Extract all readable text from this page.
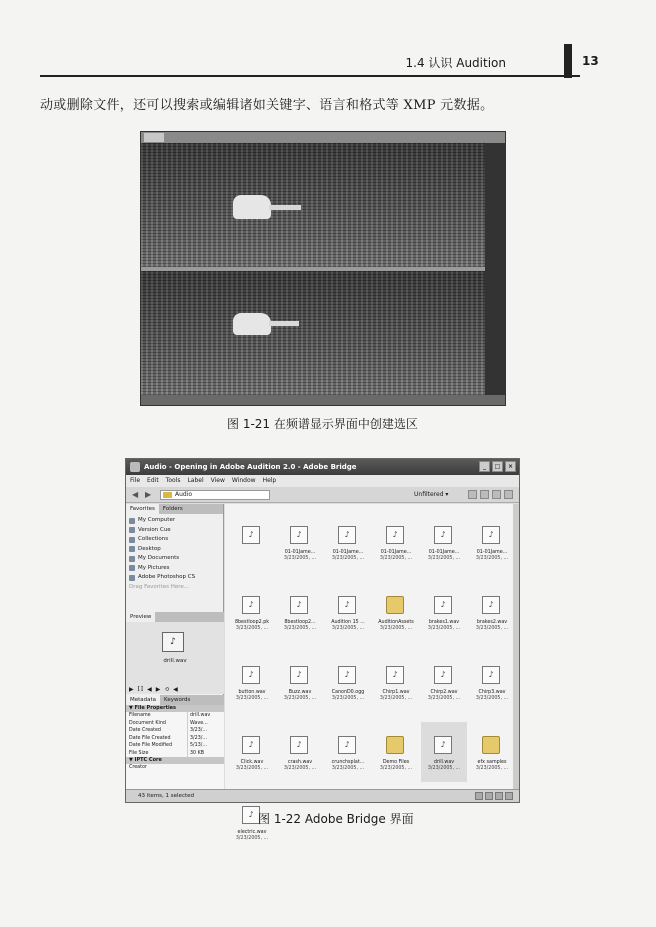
1.4 认识 Audition	13
动或删除文件，还可以搜索或编辑诸如关键字、语言和格式等 XMP 元数据。
图 1-21 在频谱显示界面中创建选区
Audio - Opening in Adobe Audition 2.0 - Adobe Bridge	_	□	×
File Edit Tools Label View Window Help
◀ ▶	Audio	Unfiltered ▾
Favorites	Folders
My Computer
Version Cue
Collections
Desktop
My Documents
My Pictures
Adobe Photoshop CS
Drag Favorites Here...
Preview
♪
drill.wav
▶ II ◀ ▶ ⟲ ◀
Metadata	Keywords
▼ File Properties
Filename	drill.wav
Document Kind	Wave...
Date Created	3/23/...
Date File Created	3/23/...
Date File Modified	5/13/...
File Size	30 KB
▼ IPTC Core
Creator
♪	♪
01-01Jame...
3/23/2005, ...
♪
01-01Jame...
3/23/2005, ...
♪
01-01Jame...
3/23/2005, ...
♪
01-01Jame...
3/23/2005, ...
♪
01-01Jame...
3/23/2005, ...
♪
8bestloop2.pk
3/23/2005, ...
♪
8bestloop2...
3/23/2005, ...
♪
Audition 15 ...
3/23/2005, ...
AuditionAssets
3/23/2005, ...
♪
brakes1.wav
3/23/2005, ...
♪
brakes2.wav
3/23/2005, ...
♪
button.wav
3/23/2005, ...
♪
Buzz.wav
3/23/2005, ...
♪
CanonD0.ogg
3/23/2005, ...
♪
Chirp1.wav
3/23/2005, ...
♪
Chirp2.wav
3/23/2005, ...
♪
Chirp3.wav
3/23/2005, ...
♪
Click.wav
3/23/2005, ...
♪
crash.wav
3/23/2005, ...
♪
crunchsplat...
3/23/2005, ...
Demo Files
3/23/2005, ...
♪
drill.wav
3/23/2005, ...
efx samples
3/23/2005, ...
♪
electric.wav
3/23/2005, ...
43 items, 1 selected
图 1-22 Adobe Bridge 界面
